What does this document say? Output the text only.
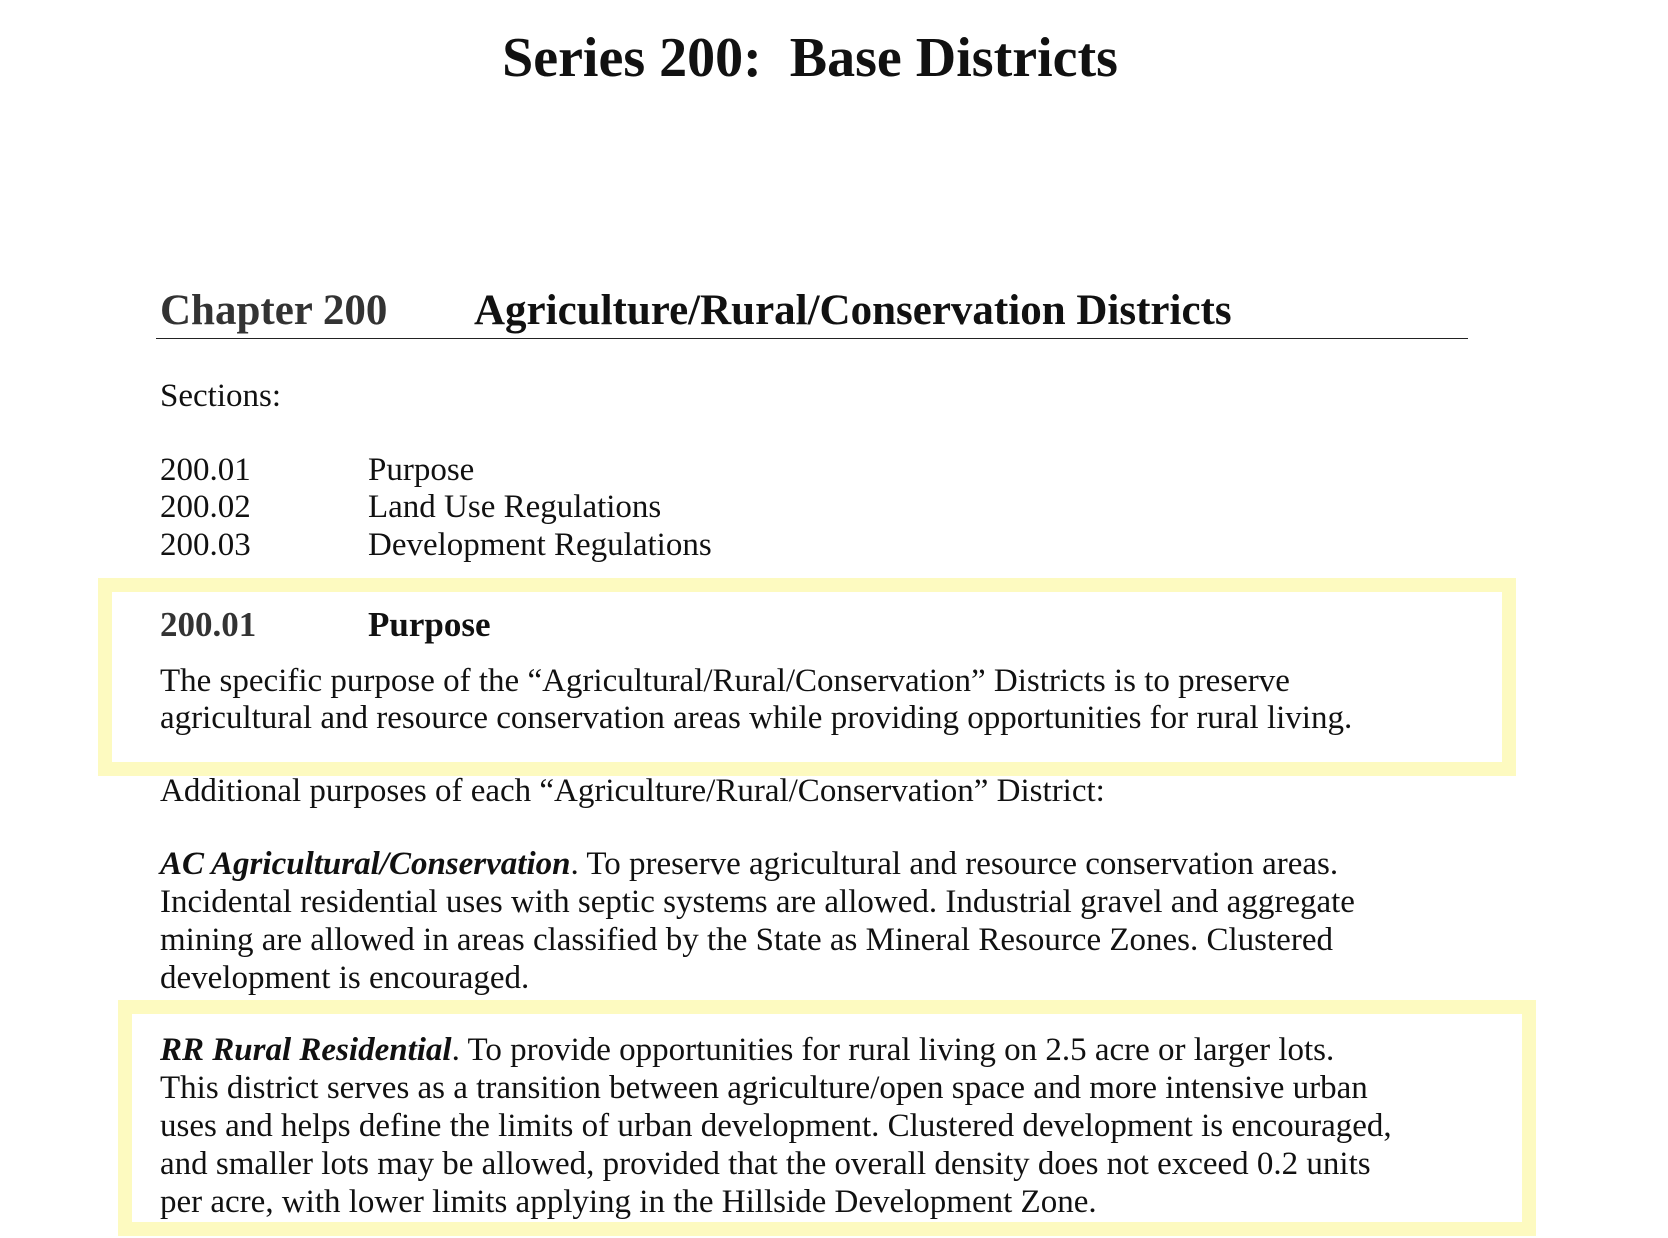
Series 200:  Base Districts
Chapter 200 Agriculture/Rural/Conservation Districts
Sections:
200.01	Purpose
200.02	Land Use Regulations
200.03	Development Regulations
200.01	Purpose
The specific purpose of the “Agricultural/Rural/Conservation” Districts is to preserve
agricultural and resource conservation areas while providing opportunities for rural living.
Additional purposes of each “Agriculture/Rural/Conservation” District:
AC Agricultural/Conservation. To preserve agricultural and resource conservation areas.
Incidental residential uses with septic systems are allowed. Industrial gravel and aggregate
mining are allowed in areas classified by the State as Mineral Resource Zones. Clustered
development is encouraged.
RR Rural Residential. To provide opportunities for rural living on 2.5 acre or larger lots.
This district serves as a transition between agriculture/open space and more intensive urban
uses and helps define the limits of urban development. Clustered development is encouraged,
and smaller lots may be allowed, provided that the overall density does not exceed 0.2 units
per acre, with lower limits applying in the Hillside Development Zone.
